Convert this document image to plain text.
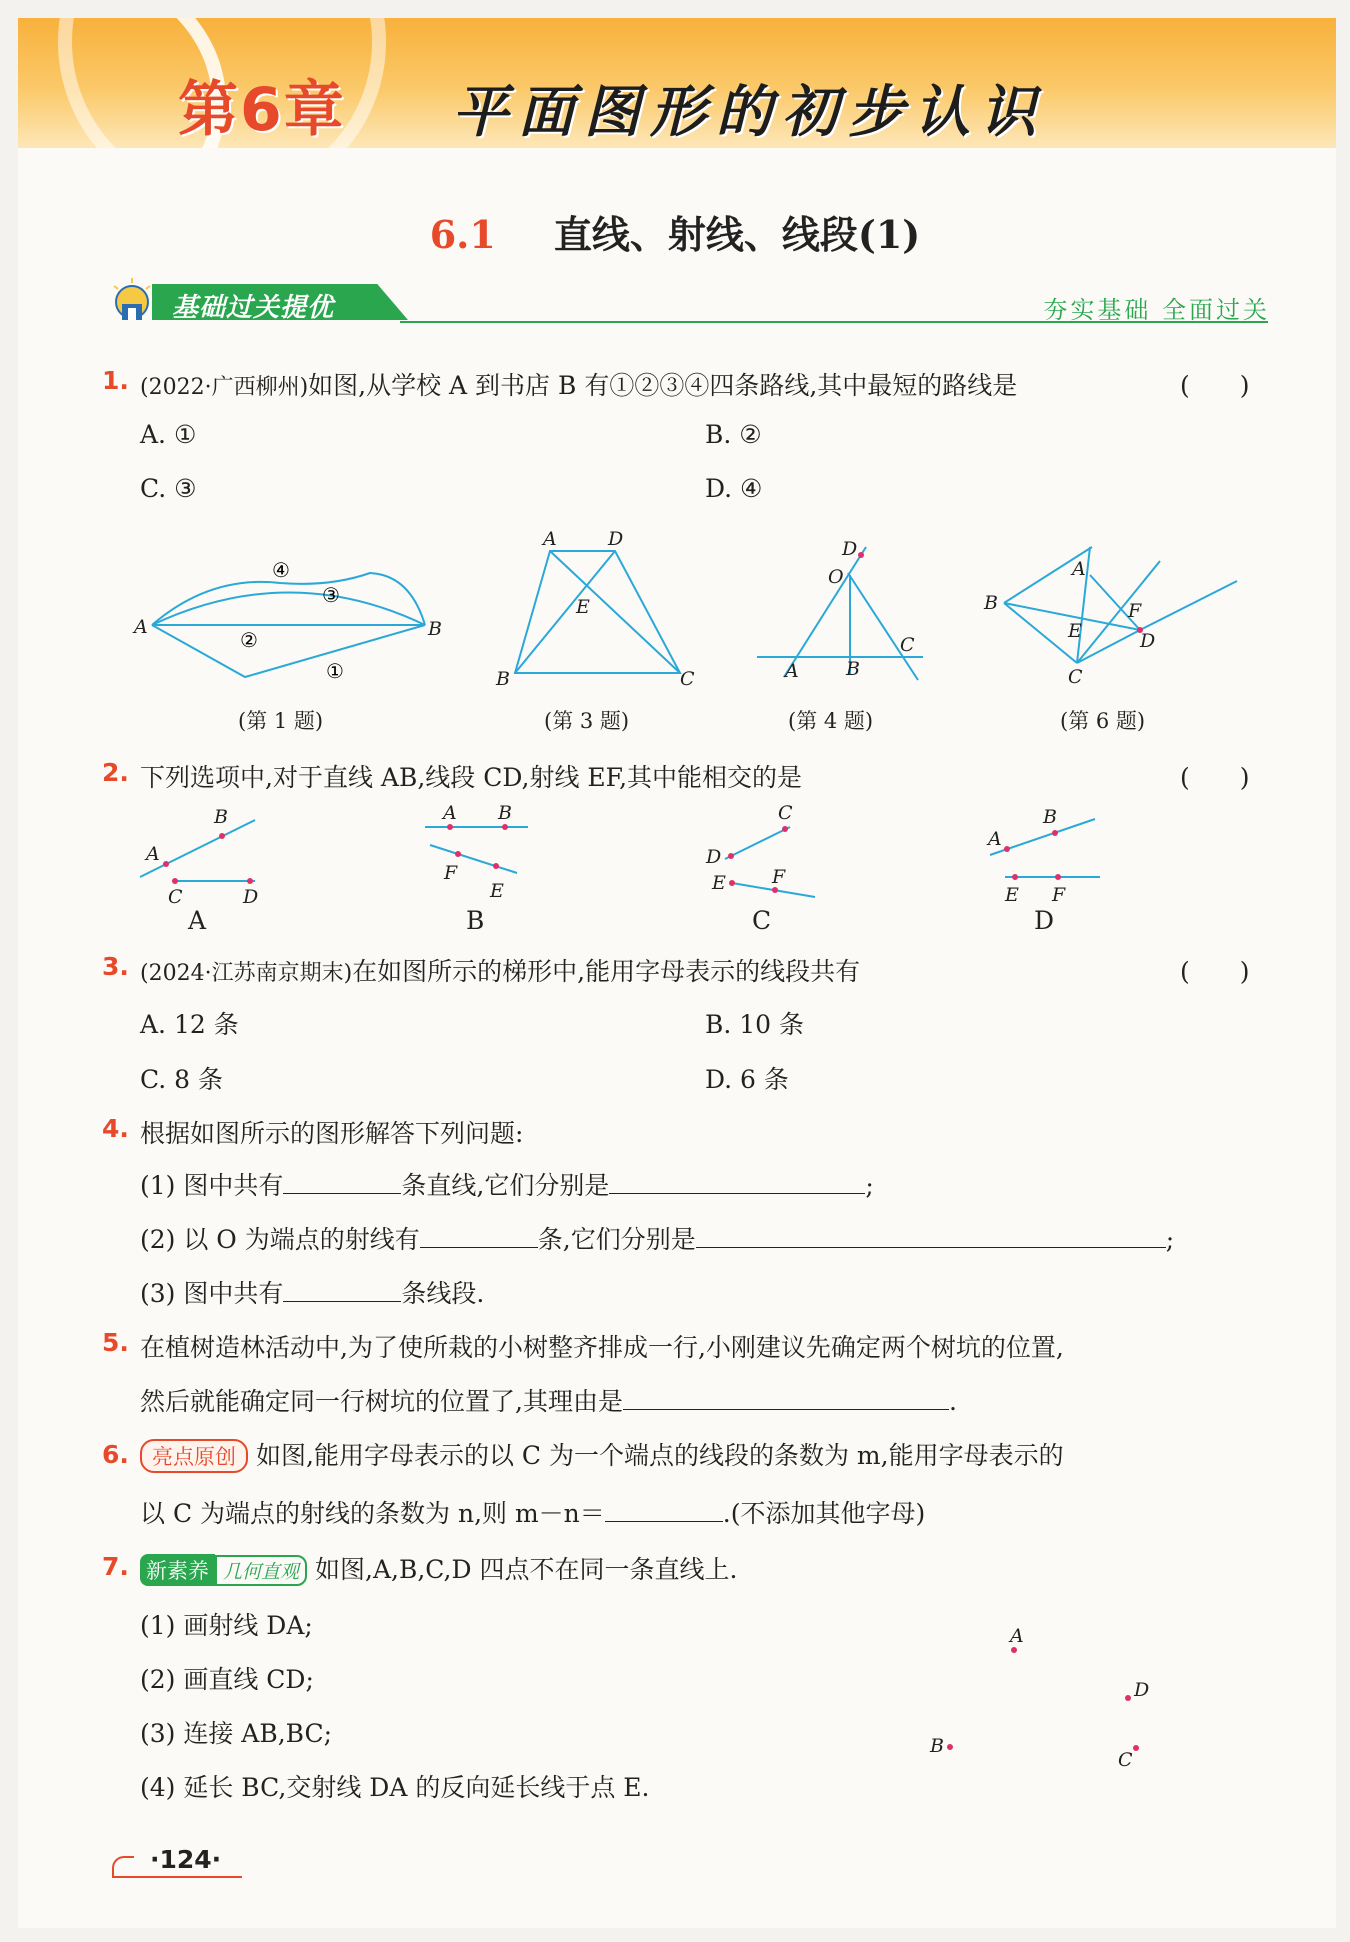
第6章 平面图形的初步认识
6.1 直线、射线、线段(1)
基础过关提优	夯实基础 全面过关
1. (2022·广西柳州)如图,从学校 A 到书店 B 有①②③④四条路线,其中最短的路线是	(　　)
A. ①	B. ②
C. ③	D. ④
A	B
①
②
③
④
A	D
E
B	C
D
O
A B
C
B
A
E
F
D
C
(第 1 题)	(第 3 题)	(第 4 题)	(第 6 题)
2. 下列选项中,对于直线 AB,线段 CD,射线 EF,其中能相交的是	(　　)
B
A
C	D
A B
F
E
C
D
E F
B
A
E F
A	B	C	D
3. (2024·江苏南京期末)在如图所示的梯形中,能用字母表示的线段共有	(　　)
A. 12 条	B. 10 条
C. 8 条	D. 6 条
4. 根据如图所示的图形解答下列问题:
(1) 图中共有	条直线,它们分别是	;
(2) 以 O 为端点的射线有	条,它们分别是	;
(3) 图中共有	条线段.
5. 在植树造林活动中,为了使所栽的小树整齐排成一行,小刚建议先确定两个树坑的位置,
然后就能确定同一行树坑的位置了,其理由是	.
6.	亮点原创 如图,能用字母表示的以 C 为一个端点的线段的条数为 m,能用字母表示的
以 C 为端点的射线的条数为 n,则 m－n＝	.(不添加其他字母)
7. 新素养 几何直观 如图,A,B,C,D 四点不在同一条直线上.
(1) 画射线 DA;
(2) 画直线 CD;
(3) 连接 AB,BC;
(4) 延长 BC,交射线 DA 的反向延长线于点 E.
A
D
B
C
·124·
